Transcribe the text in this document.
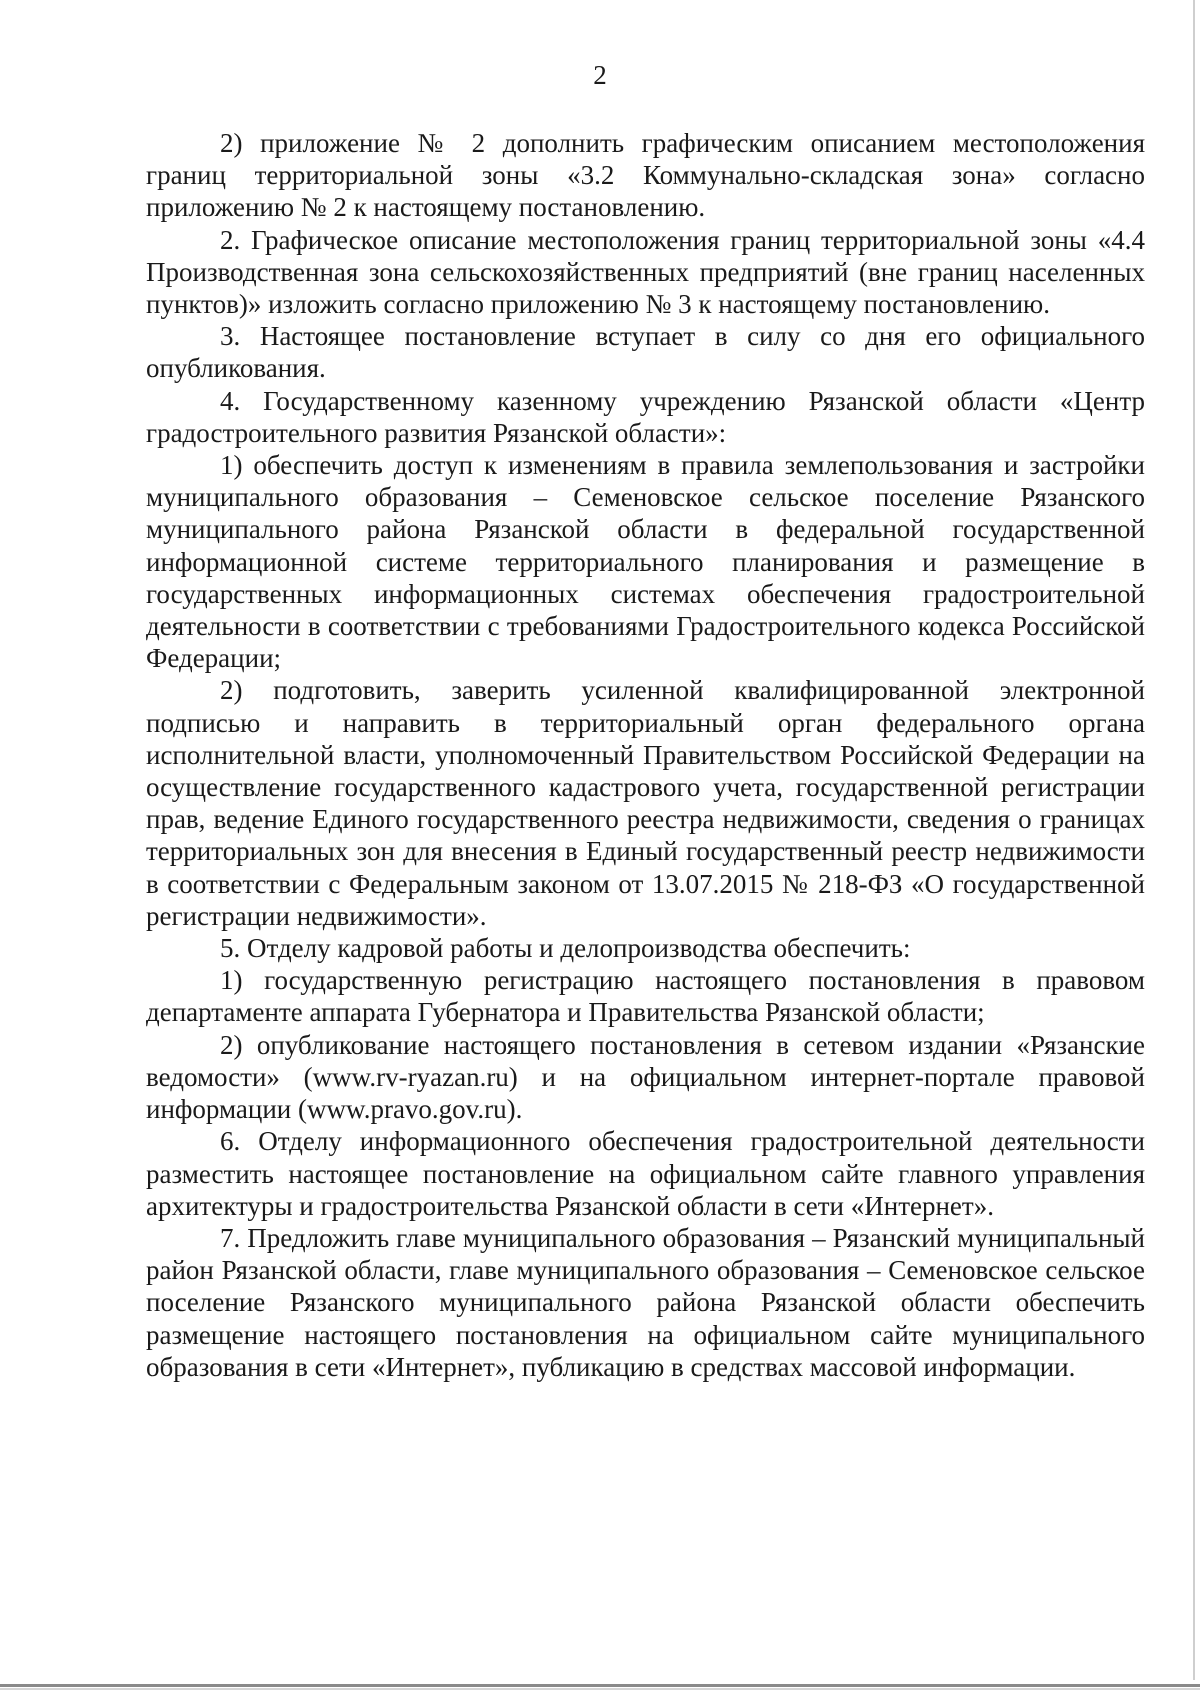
2

2) приложение № 2 дополнить графическим описанием местоположения границ территориальной зоны «3.2 Коммунально-складская зона» согласно приложению № 2 к настоящему постановлению.

2. Графическое описание местоположения границ территориальной зоны «4.4 Производственная зона сельскохозяйственных предприятий (вне границ населенных пунктов)» изложить согласно приложению № 3 к настоящему постановлению.

3. Настоящее постановление вступает в силу со дня его официального опубликования.

4. Государственному казенному учреждению Рязанской области «Центр градостроительного развития Рязанской области»:

1) обеспечить доступ к изменениям в правила землепользования и застройки муниципального образования – Семеновское сельское поселение Рязанского муниципального района Рязанской области в федеральной государственной информационной системе территориального планирования и размещение в государственных информационных системах обеспечения градостроительной деятельности в соответствии с требованиями Градостроительного кодекса Российской Федерации;

2) подготовить, заверить усиленной квалифицированной электронной подписью и направить в территориальный орган федерального органа исполнительной власти, уполномоченный Правительством Российской Федерации на осуществление государственного кадастрового учета, государственной регистрации прав, ведение Единого государственного реестра недвижимости, сведения о границах территориальных зон для внесения в Единый государственный реестр недвижимости в соответствии с Федеральным законом от 13.07.2015 № 218-ФЗ «О государственной регистрации недвижимости».

5. Отделу кадровой работы и делопроизводства обеспечить:

1) государственную регистрацию настоящего постановления в правовом департаменте аппарата Губернатора и Правительства Рязанской области;

2) опубликование настоящего постановления в сетевом издании «Рязанские ведомости» (www.rv-ryazan.ru) и на официальном интернет-портале правовой информации (www.pravo.gov.ru).

6. Отделу информационного обеспечения градостроительной деятельности разместить настоящее постановление на официальном сайте главного управления архитектуры и градостроительства Рязанской области в сети «Интернет».

7. Предложить главе муниципального образования – Рязанский муниципальный район Рязанской области, главе муниципального образования – Семеновское сельское поселение Рязанского муниципального района Рязанской области обеспечить размещение настоящего постановления на официальном сайте муниципального образования в сети «Интернет», публикацию в средствах массовой информации.
